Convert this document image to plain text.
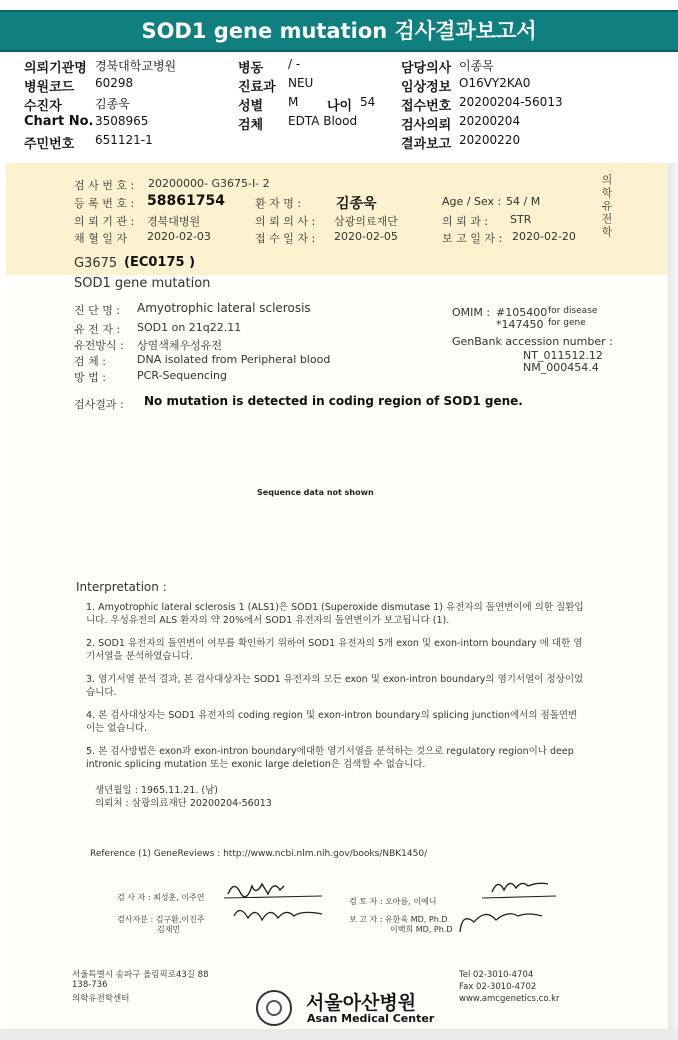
SOD1 gene mutation 검사결과보고서
의뢰기관명 경북대학교병원
병원코드 60298
수진자	김종욱
Chart No. 3508965
주민번호 651121-1
병동 / -
진료과 NEU
성별 M 나이 54
검체 EDTA Blood
담당의사 이종목
임상정보 O16VY2KA0
접수번호 20200204-56013
검사의뢰 20200204
결과보고 20200220
검 사 번 호 : 20200000- G3675-I- 2
등 록 번 호 : 58861754	환 자 명 : 김종욱	Age / Sex : 54 / M
의 뢰 기 관 : 경북대병원	의 뢰 의 사 : 삼광의료재단	의 뢰 과 : STR
채 혈 일 자 2020-02-03	접 수 일 자 : 2020-02-05	보 고 일 자 : 2020-02-20 의학유전학
G3675 (EC0175 )
SOD1 gene mutation
진 단 명 : Amyotrophic lateral sclerosis
유 전 자 : SOD1 on 21q22.11
유전방식 : 상염색체우성유전
검 체 :	DNA isolated from Peripheral blood
방 법 :	PCR-Sequencing
OMIM : #105400 for disease
*147450 for gene
GenBank accession number :
NT_011512.12
NM_000454.4
검사결과 : No mutation is detected in coding region of SOD1 gene.
Sequence data not shown
Interpretation :
1. Amyotrophic lateral sclerosis 1 (ALS1)은 SOD1 (Superoxide dismutase 1) 유전자의 돌연변이에 의한 질환입니다. 우성유전의 ALS 환자의 약 20%에서 SOD1 유전자의 돌연변이가 보고됩니다 (1).
2. SOD1 유전자의 돌연변이 여부를 확인하기 위하여 SOD1 유전자의 5개 exon 및 exon-intorn boundary 에 대한 염기서열을 분석하였습니다.
3. 염기서열 분석 결과, 본 검사대상자는 SOD1 유전자의 모든 exon 및 exon-intron boundary의 염기서열이 정상이었습니다.
4. 본 검사대상자는 SOD1 유전자의 coding region 및 exon-intron boundary의 splicing junction에서의 점돌연변이는 없습니다.
5. 본 검사방법은 exon과 exon-intron boundary에대한 염기서열을 분석하는 것으로 regulatory region이나 deep intronic splicing mutation 또는 exonic large deletion은 검색할 수 없습니다.
생년월일 : 1965.11.21. (남)
의뢰처 : 삼광의료재단 20200204-56013
Reference (1) GeneReviews : http://www.ncbi.nlm.nih.gov/books/NBK1450/
검 사 자 : 최성훈, 이주연
검사자분 : 김구환,이진주
김재민
검 토 자 : 오아름, 이예니
보 고 자 : 유한욱 MD, Ph.D
이백희 MD, Ph.D
서울특별시 송파구 올림픽로43길 88
138-736
의학유전학센터	서울아산병원
Asan Medical Center
Tel 02-3010-4704
Fax 02-3010-4702
www.amcgenetics.co.kr
